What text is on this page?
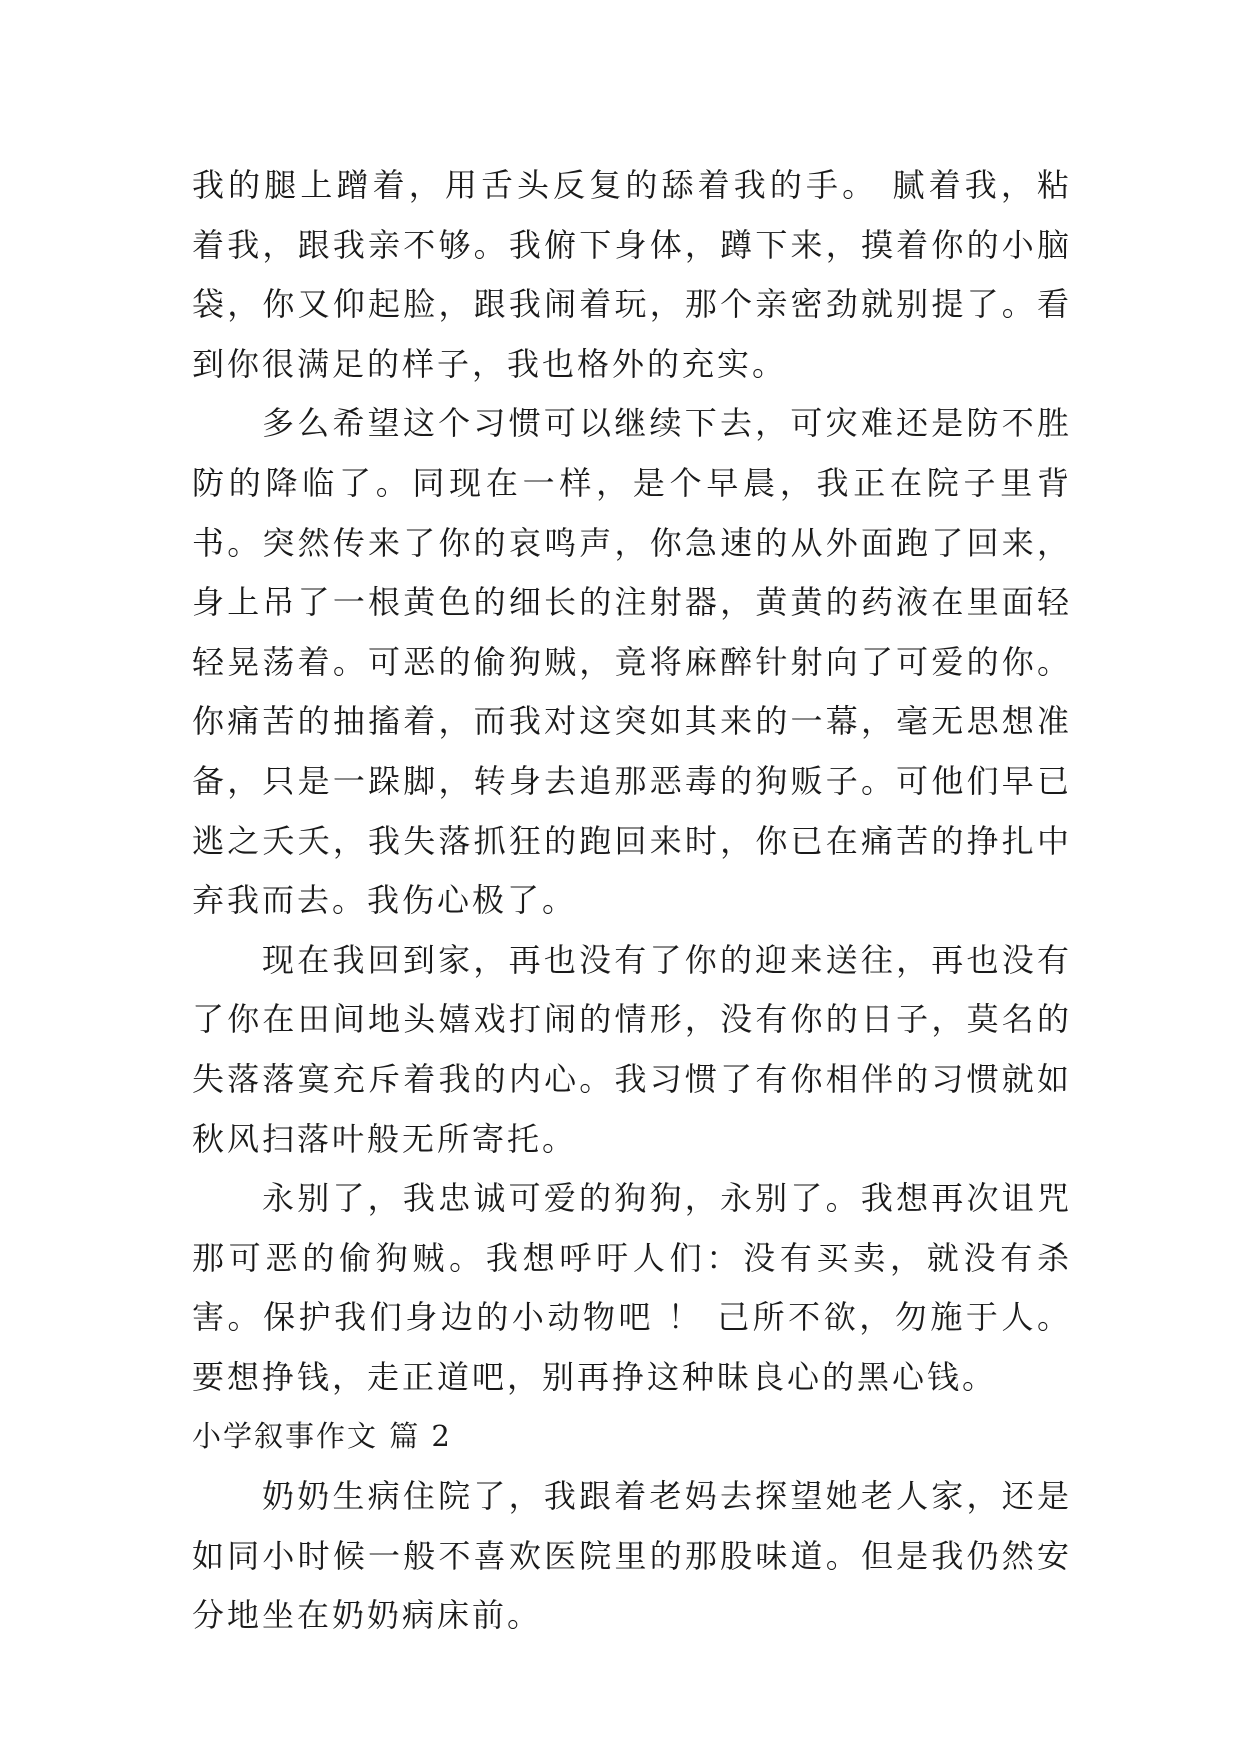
我的腿上蹭着，用舌头反复的舔着我的手。 腻着我，粘着我，跟我亲不够。我俯下身体，蹲下来，摸着你的小脑袋，你又仰起脸，跟我闹着玩，那个亲密劲就别提了。看到你很满足的样子，我也格外的充实。

多么希望这个习惯可以继续下去，可灾难还是防不胜防的降临了。同现在一样，是个早晨，我正在院子里背书。突然传来了你的哀鸣声，你急速的从外面跑了回来，身上吊了一根黄色的细长的注射器，黄黄的药液在里面轻轻晃荡着。可恶的偷狗贼，竟将麻醉针射向了可爱的你。你痛苦的抽搐着，而我对这突如其来的一幕，毫无思想准备，只是一跺脚，转身去追那恶毒的狗贩子。可他们早已逃之夭夭，我失落抓狂的跑回来时，你已在痛苦的挣扎中弃我而去。我伤心极了。

现在我回到家，再也没有了你的迎来送往，再也没有了你在田间地头嬉戏打闹的情形，没有你的日子，莫名的失落落寞充斥着我的内心。我习惯了有你相伴的习惯就如秋风扫落叶般无所寄托。

永别了，我忠诚可爱的狗狗，永别了。我想再次诅咒那可恶的偷狗贼。我想呼吁人们：没有买卖，就没有杀害。保护我们身边的小动物吧 ！ 己所不欲，勿施于人。要想挣钱，走正道吧，别再挣这种昧良心的黑心钱。

小学叙事作文 篇 2

奶奶生病住院了，我跟着老妈去探望她老人家，还是如同小时候一般不喜欢医院里的那股味道。但是我仍然安分地坐在奶奶病床前。
